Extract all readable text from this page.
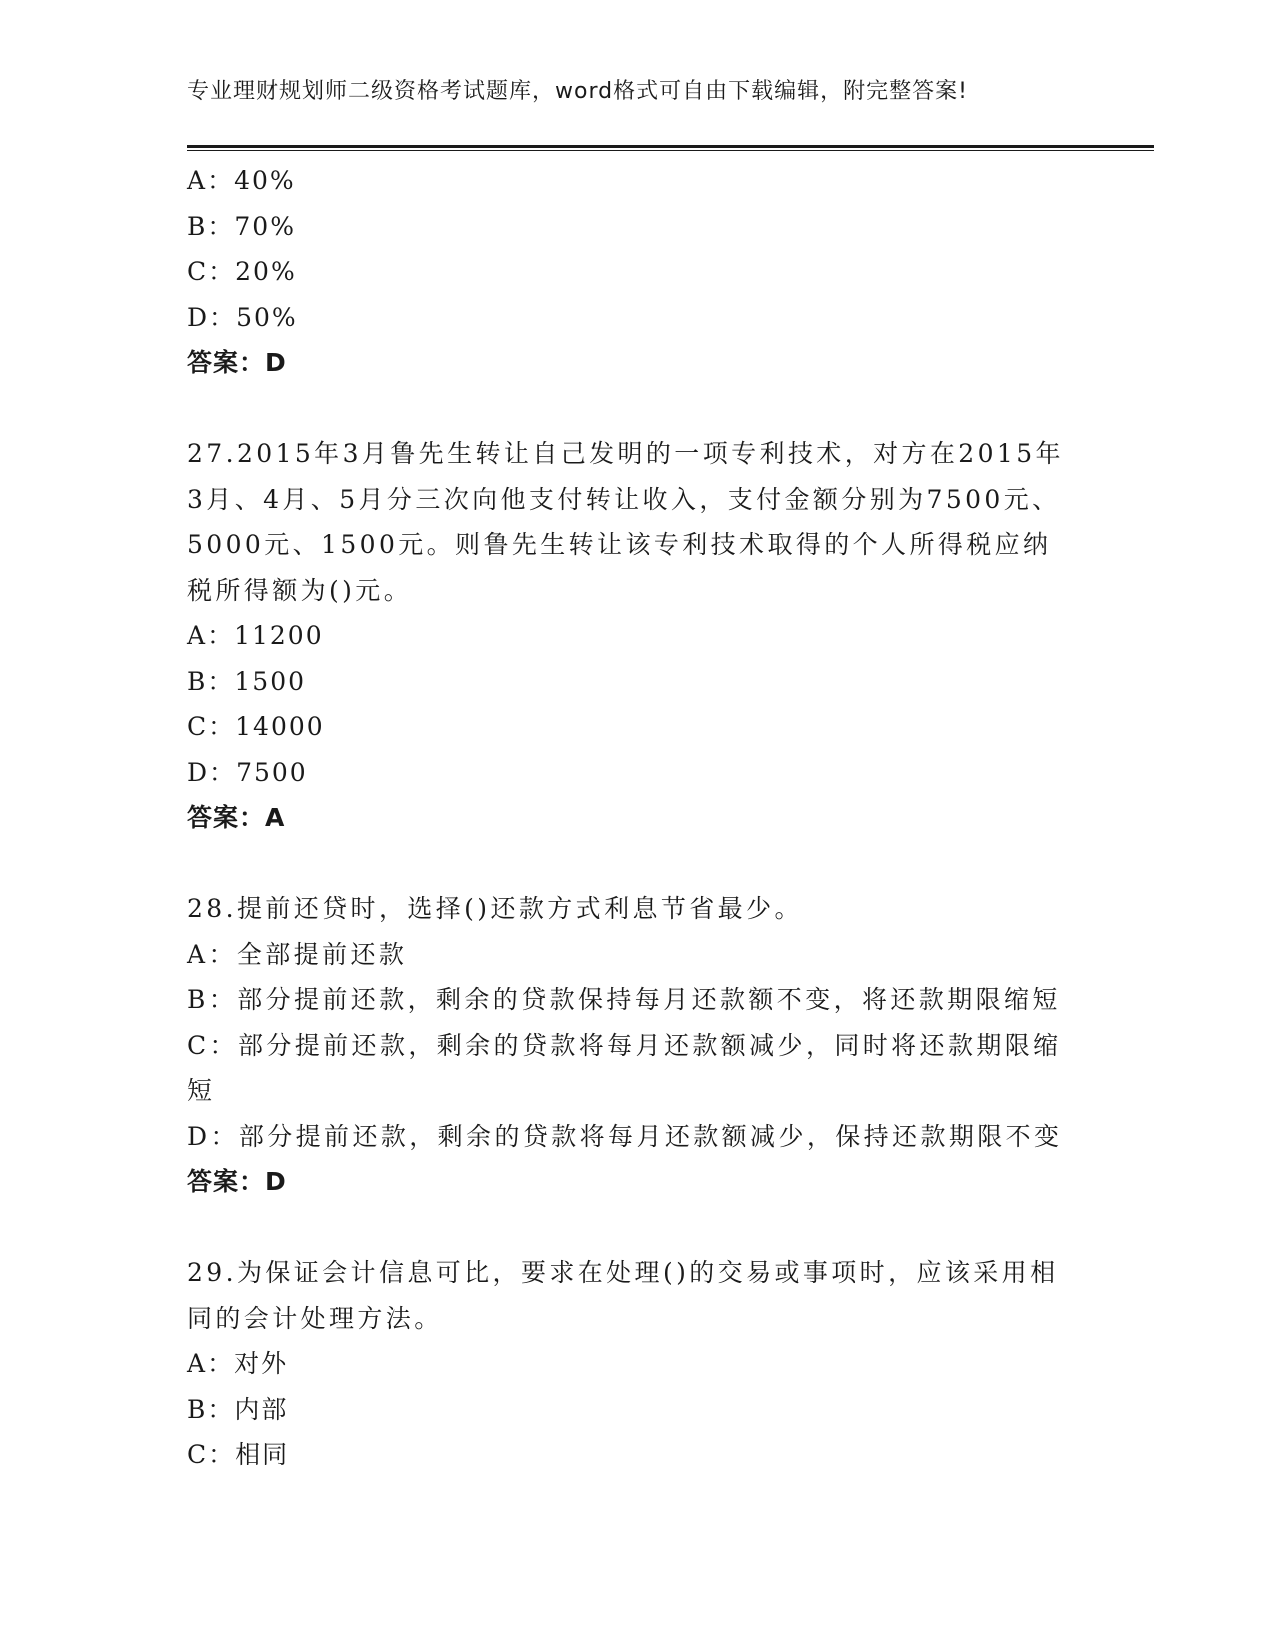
专业理财规划师二级资格考试题库，word格式可自由下载编辑，附完整答案!
A：40%
B：70%
C：20%
D：50%
答案：D
27.2015年3月鲁先生转让自己发明的一项专利技术，对方在2015年3月、4月、5月分三次向他支付转让收入，支付金额分别为7500元、5000元、1500元。则鲁先生转让该专利技术取得的个人所得税应纳税所得额为()元。
A：11200
B：1500
C：14000
D：7500
答案：A
28.提前还贷时，选择()还款方式利息节省最少。
A：全部提前还款
B：部分提前还款，剩余的贷款保持每月还款额不变，将还款期限缩短
C：部分提前还款，剩余的贷款将每月还款额减少，同时将还款期限缩短
D：部分提前还款，剩余的贷款将每月还款额减少，保持还款期限不变
答案：D
29.为保证会计信息可比，要求在处理()的交易或事项时，应该采用相同的会计处理方法。
A：对外
B：内部
C：相同
